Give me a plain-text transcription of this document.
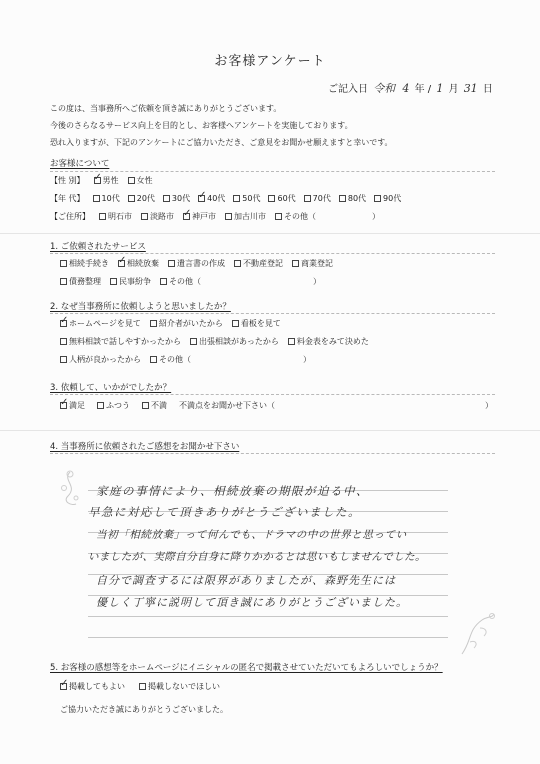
お客様アンケート
ご記入日 令和 4 年 / 1 月 31 日
この度は、当事務所へご依頼を頂き誠にありがとうございます。
今後のさらなるサービス向上を目的とし、お客様へアンケートを実施しております。
恐れ入りますが、下記のアンケートにご協力いただき、ご意見をお聞かせ願えますと幸いです。
お客様について
【性 別】 ✓ 男性 女性
【年 代】 10代 20代 30代 ✓ 40代 50代 60代 70代 80代 90代
【ご住所】 明石市 淡路市 ✓ 神戸市 加古川市 その他（　　　　　　　）
1. ご依頼されたサービス
相続手続き ✓ 相続放棄 遺言書の作成 不動産登記 商業登記
債務整理 民事紛争 その他（　　　　　　　　　　　　　　）
2. なぜ当事務所に依頼しようと思いましたか？
✓
ホームページを見て 紹介者がいたから 看板を見て
無料相談で話しやすかったから 出張相談があったから 料金表をみて決めた
人柄が良かったから その他（　　　　　　　　　　　　　　）
3. 依頼して、いかがでしたか？
✓
満足	ふつう	不満 不満点をお聞かせ下さい（	）
4. 当事務所に依頼されたご感想をお聞かせ下さい
家庭の事情により、相続放棄の期限が迫る中、
早急に対応して頂きありがとうございました。
当初「相続放棄」って何んでも、ドラマの中の世界と思ってい
いましたが、実際自分自身に降りかかるとは思いもしませんでした。
自分で調査するには限界がありましたが、森野先生には
優しく丁寧に説明して頂き誠にありがとうございました。
5. お客様の感想等をホームページにイニシャルの匿名で掲載させていただいてもよろしいでしょうか？
✓
掲載してもよい	掲載しないでほしい
ご協力いただき誠にありがとうございました。
